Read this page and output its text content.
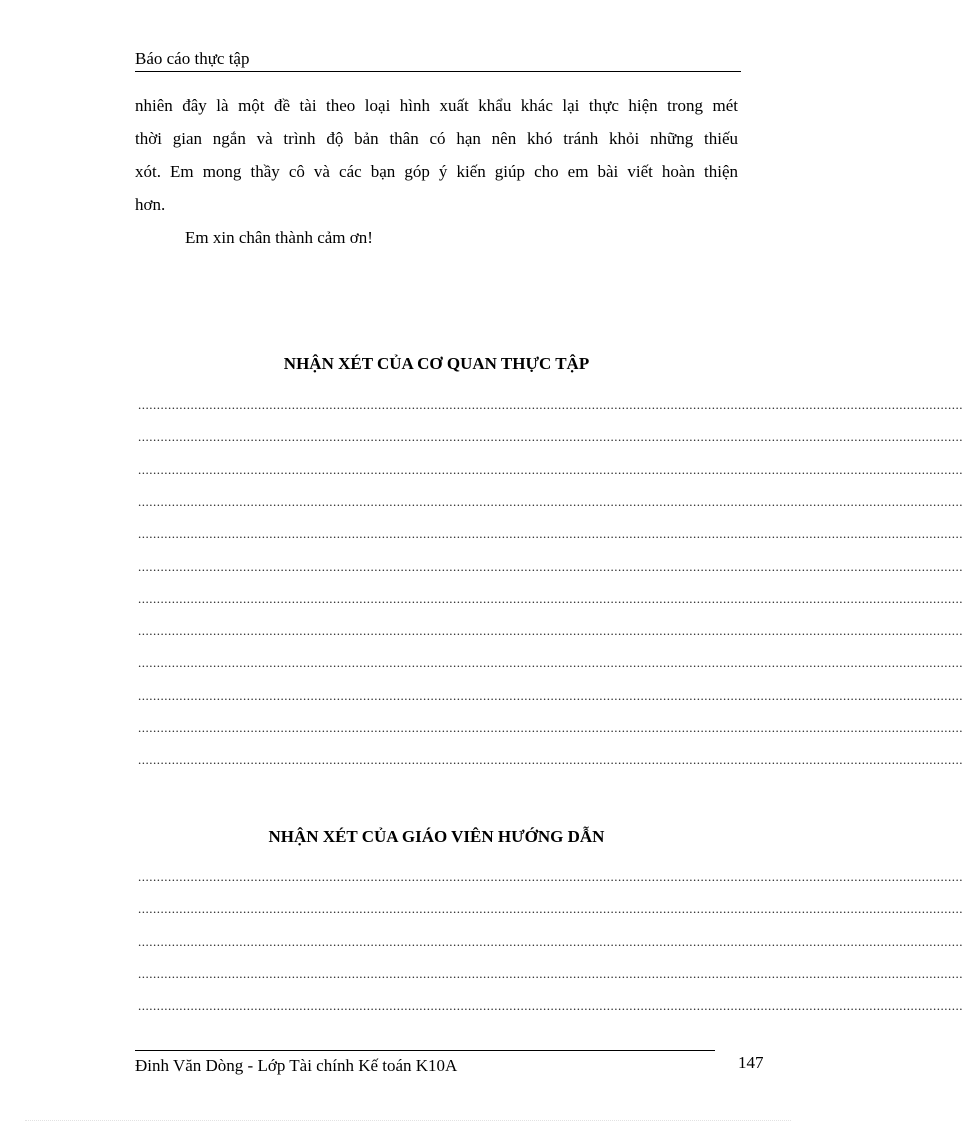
Báo cáo thực tập
nhiên đây là một đề tài theo loại hình xuất khẩu khác lại thực hiện trong mét
thời gian ngắn và trình độ bản thân có hạn nên khó tránh khỏi những thiếu
xót. Em mong thầy cô và các bạn góp ý kiến giúp cho em bài viết hoàn thiện
hơn.
Em xin chân thành cảm ơn!
NHẬN XÉT CỦA CƠ QUAN THỰC TẬP
............................................................................................................................................................................................................................
............................................................................................................................................................................................................................
............................................................................................................................................................................................................................
............................................................................................................................................................................................................................
............................................................................................................................................................................................................................
............................................................................................................................................................................................................................
............................................................................................................................................................................................................................
............................................................................................................................................................................................................................
............................................................................................................................................................................................................................
............................................................................................................................................................................................................................
............................................................................................................................................................................................................................
............................................................................................................................................................................................................................
NHẬN XÉT CỦA GIÁO VIÊN HƯỚNG DẪN
............................................................................................................................................................................................................................
............................................................................................................................................................................................................................
............................................................................................................................................................................................................................
............................................................................................................................................................................................................................
............................................................................................................................................................................................................................
Đinh Văn Dòng - Lớp Tài chính Kế toán K10A	147
